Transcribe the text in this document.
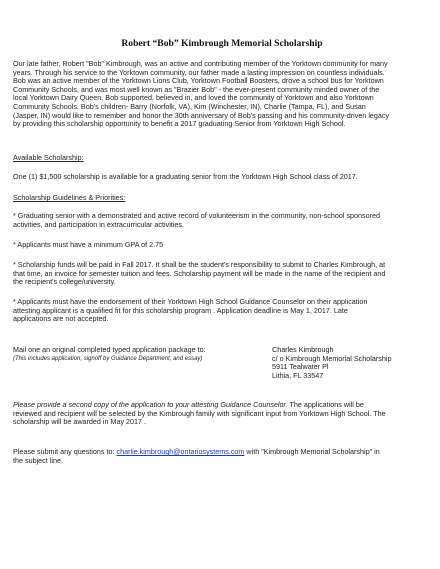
Robert “Bob” Kimbrough Memorial Scholarship

Our late father, Robert "Bob" Kimbrough, was an active and contributing member of the Yorktown community for many

years. Through his service to the Yorktown community, our father made a lasting impression on countless individuals.

Bob was an active member of the Yorktown Lions Club, Yorktown Football Boosters, drove a school bus for Yorktown

Community Schools, and was most well known as "Brazier Bob" - the ever-present community minded owner of the

local Yorktown Dairy Queen. Bob supported, believed in, and loved the community of Yorktown and also Yorktown

Community Schools. Bob's children- Barry (Norfolk, VA), Kim (Winchester, IN), Charlie (Tampa, FL), and Susan

(Jasper, IN) would like to remember and honor the 30th anniversary of Bob's passing and his community-driven legacy

by providing this scholarship opportunity to benefit a 2017 graduating Senior from Yorktown High School.

Available Scholarship:
One (1) $1,500 scholarship is available for a graduating senior from the Yorktown High School class of 2017.
Scholarship Guidelines & Priorities:

* Graduating senior with a demonstrated and active record of volunteerism in the community, non-school sponsored

activities, and participation in extracurricular activities.

* Applicants must have a minimum GPA of 2.75

* Scholarship funds will be paid in Fall 2017. It shall be the student's responsibility to submit to Charles Kimbrough, at

that time, an invoice for semester tuition and fees. Scholarship payment will be made in the name of the recipient and

the recipient's college/university.

* Applicants must have the endorsement of their Yorktown High School Guidance Counselor on their application

attesting applicant is a qualified fit for this scholarship program . Application deadline is May 1, 2017. Late

applications are not accepted.

Mail one an original completed typed application package to:

(This includes application, signoff by Guidance Department, and essay)

Charles Kimbrough

c/ o Kimbrough Memorial Scholarship

5911 Tealwater Pl

Lithia, FL 33547

Please provide a second copy of the application to your attesting Guidance Counselor. The applications will be

reviewed and recipient will be selected by the Kimbrough family with significant input from Yorktown High School. The

scholarship will be awarded in May 2017 .

Please submit any questions to: charlie.kimbrough@ontariosystems.com with "Kimbrough Memorial Scholarship" in

the subject line.
